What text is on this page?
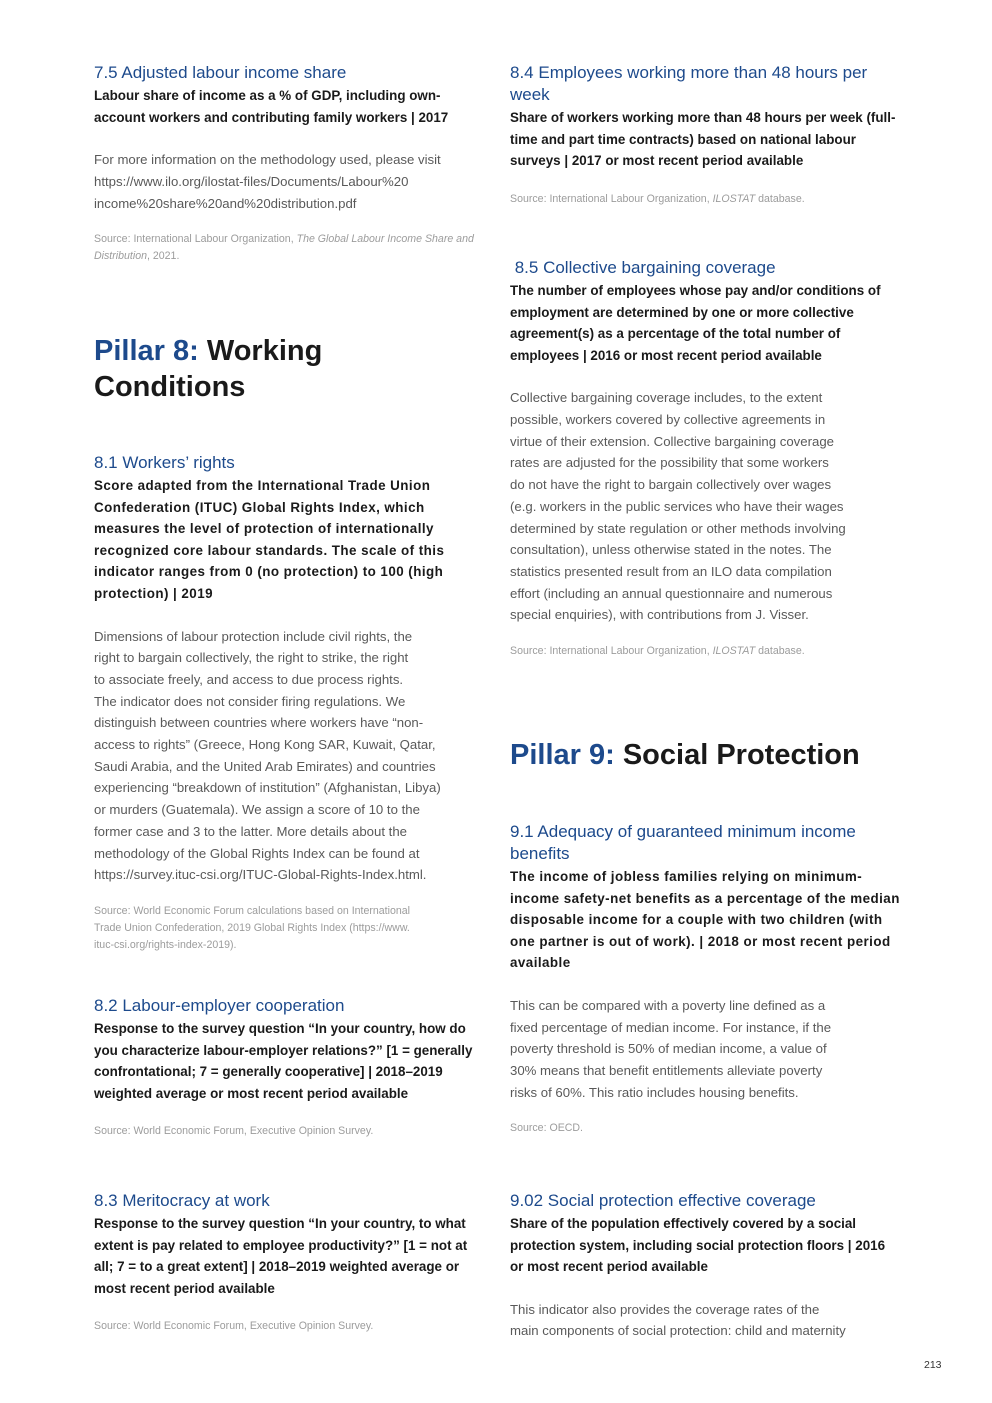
7.5 Adjusted labour income share

Labour share of income as a % of GDP, including own-account workers and contributing family workers | 2017

For more information on the methodology used, please visit
https://www.ilo.org/ilostat-files/Documents/Labour%20
income%20share%20and%20distribution.pdf

Source: International Labour Organization, The Global Labour Income Share and Distribution, 2021.

Pillar 8: Working
Conditions
8.1 Workers’ rights

Score adapted from the International Trade Union Confederation (ITUC) Global Rights Index, which measures the level of protection of internationally recognized core labour standards. The scale of this indicator ranges from 0 (no protection) to 100 (high protection) | 2019

Dimensions of labour protection include civil rights, the
right to bargain collectively, the right to strike, the right
to associate freely, and access to due process rights.
The indicator does not consider firing regulations. We
distinguish between countries where workers have “non-
access to rights” (Greece, Hong Kong SAR, Kuwait, Qatar,
Saudi Arabia, and the United Arab Emirates) and countries
experiencing “breakdown of institution” (Afghanistan, Libya)
or murders (Guatemala). We assign a score of 10 to the
former case and 3 to the latter. More details about the
methodology of the Global Rights Index can be found at
https://survey.ituc-csi.org/ITUC-Global-Rights-Index.html.

Source: World Economic Forum calculations based on International
Trade Union Confederation, 2019 Global Rights Index (https://www.
ituc-csi.org/rights-index-2019).

8.2 Labour-employer cooperation

Response to the survey question “In your country, how do you characterize labour-employer relations?” [1 = generally confrontational; 7 = generally cooperative] | 2018–2019 weighted average or most recent period available

Source: World Economic Forum, Executive Opinion Survey.

8.3 Meritocracy at work

Response to the survey question “In your country, to what extent is pay related to employee productivity?” [1 = not at all; 7 = to a great extent] | 2018–2019 weighted average or most recent period available

Source: World Economic Forum, Executive Opinion Survey.

8.4 Employees working more than 48 hours per week

Share of workers working more than 48 hours per week (full-time and part time contracts) based on national labour surveys | 2017 or most recent period available

Source: International Labour Organization, ILOSTAT database.

8.5 Collective bargaining coverage

The number of employees whose pay and/or conditions of employment are determined by one or more collective agreement(s) as a percentage of the total number of employees | 2016 or most recent period available

Collective bargaining coverage includes, to the extent
possible, workers covered by collective agreements in
virtue of their extension. Collective bargaining coverage
rates are adjusted for the possibility that some workers
do not have the right to bargain collectively over wages
(e.g. workers in the public services who have their wages
determined by state regulation or other methods involving
consultation), unless otherwise stated in the notes. The
statistics presented result from an ILO data compilation
effort (including an annual questionnaire and numerous
special enquiries), with contributions from J. Visser.

Source: International Labour Organization, ILOSTAT database.

Pillar 9: Social Protection
9.1 Adequacy of guaranteed minimum income benefits

The income of jobless families relying on minimum-income safety-net benefits as a percentage of the median disposable income for a couple with two children (with one partner is out of work). | 2018 or most recent period available

This can be compared with a poverty line defined as a
fixed percentage of median income. For instance, if the
poverty threshold is 50% of median income, a value of
30% means that benefit entitlements alleviate poverty
risks of 60%. This ratio includes housing benefits.

Source: OECD.

9.02 Social protection effective coverage

Share of the population effectively covered by a social protection system, including social protection floors | 2016 or most recent period available

This indicator also provides the coverage rates of the
main components of social protection: child and maternity

213
